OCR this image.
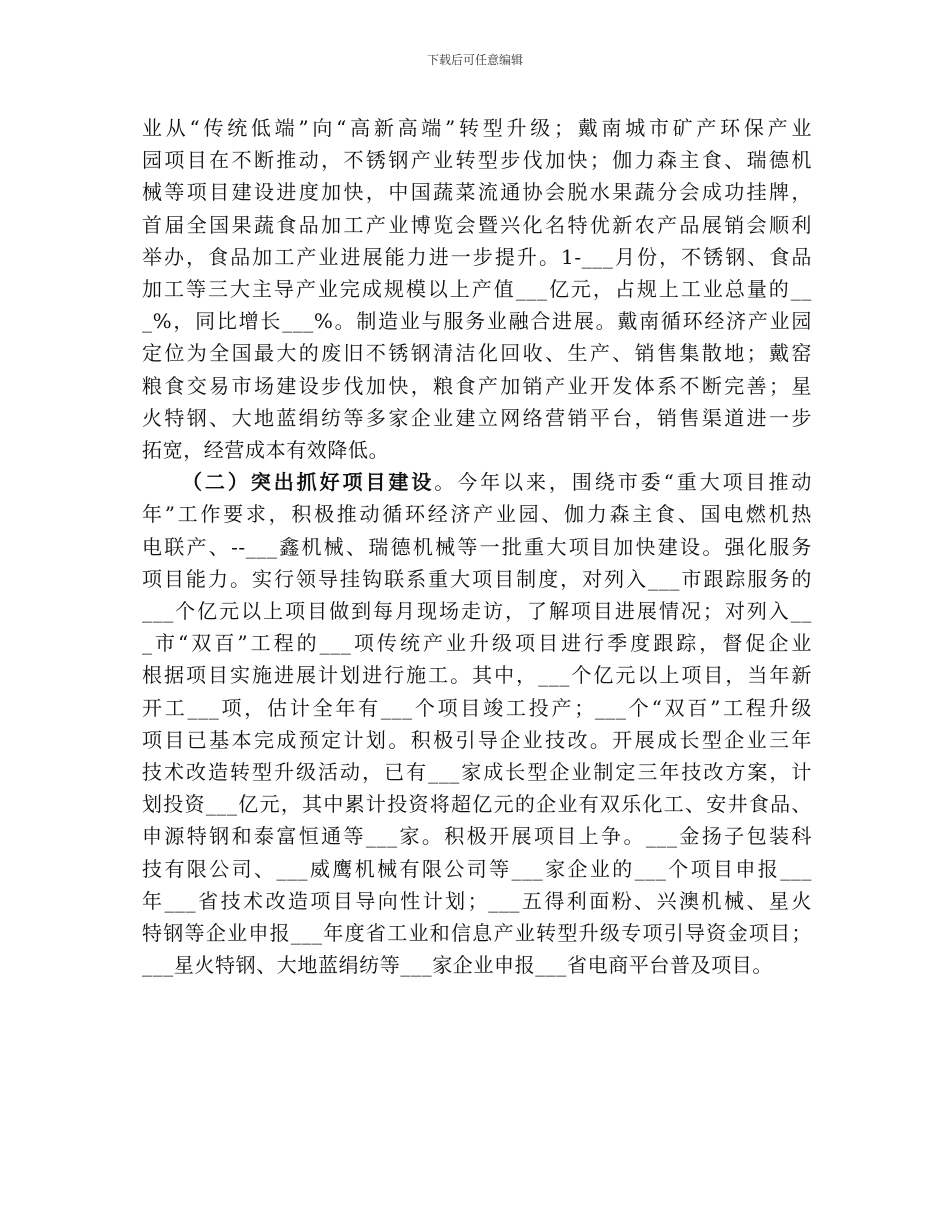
下载后可任意编辑
业从“传统低端”向“高新高端”转型升级；戴南城市矿产环保产业
园项目在不断推动，不锈钢产业转型步伐加快；伽力森主食、瑞德机
械等项目建设进度加快，中国蔬菜流通协会脱水果蔬分会成功挂牌，
首届全国果蔬食品加工产业博览会暨兴化名特优新农产品展销会顺利
举办，食品加工产业进展能力进一步提升。1-___月份，不锈钢、食品
加工等三大主导产业完成规模以上产值___亿元，占规上工业总量的__
_%，同比增长___%。制造业与服务业融合进展。戴南循环经济产业园
定位为全国最大的废旧不锈钢清洁化回收、生产、销售集散地；戴窑
粮食交易市场建设步伐加快，粮食产加销产业开发体系不断完善；星
火特钢、大地蓝绢纺等多家企业建立网络营销平台，销售渠道进一步
拓宽，经营成本有效降低。
（二）突出抓好项目建设。今年以来，围绕市委“重大项目推动
年”工作要求，积极推动循环经济产业园、伽力森主食、国电燃机热
电联产、--___鑫机械、瑞德机械等一批重大项目加快建设。强化服务
项目能力。实行领导挂钩联系重大项目制度，对列入___市跟踪服务的
___个亿元以上项目做到每月现场走访，了解项目进展情况；对列入__
_市“双百”工程的___项传统产业升级项目进行季度跟踪，督促企业
根据项目实施进展计划进行施工。其中，___个亿元以上项目，当年新
开工___项，估计全年有___个项目竣工投产；___个“双百”工程升级
项目已基本完成预定计划。积极引导企业技改。开展成长型企业三年
技术改造转型升级活动，已有___家成长型企业制定三年技改方案，计
划投资___亿元，其中累计投资将超亿元的企业有双乐化工、安井食品、
申源特钢和泰富恒通等___家。积极开展项目上争。___金扬子包装科
技有限公司、___威鹰机械有限公司等___家企业的___个项目申报___
年___省技术改造项目导向性计划；___五得利面粉、兴澳机械、星火
特钢等企业申报___年度省工业和信息产业转型升级专项引导资金项目；
___星火特钢、大地蓝绢纺等___家企业申报___省电商平台普及项目。
